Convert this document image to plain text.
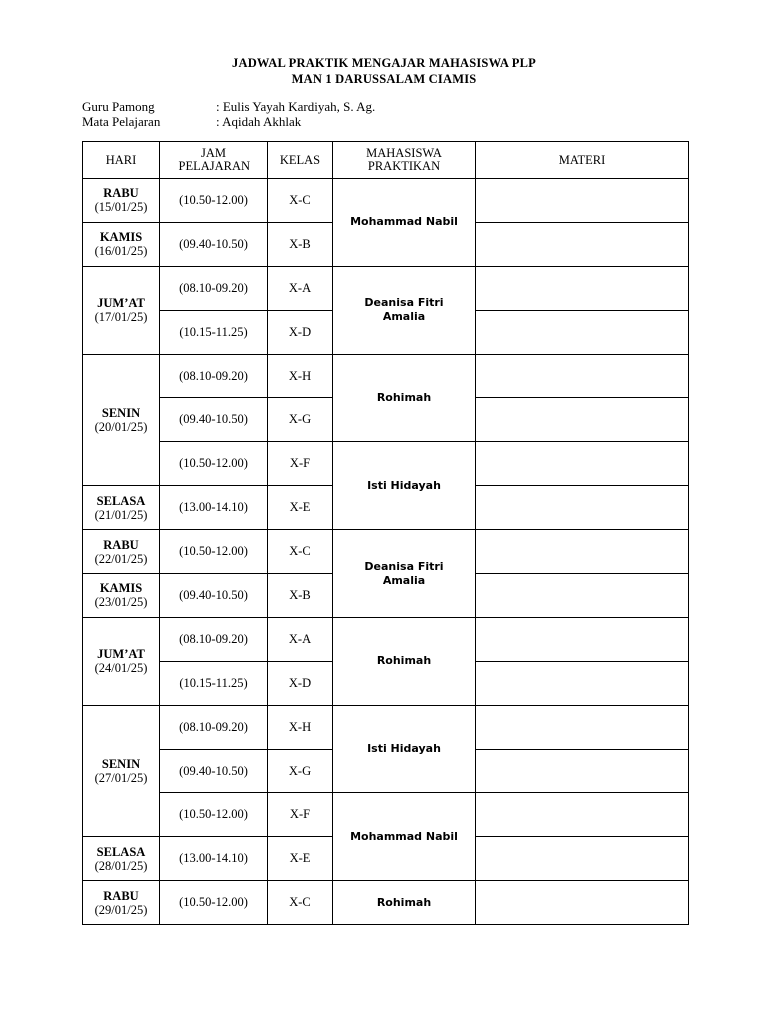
JADWAL PRAKTIK MENGAJAR MAHASISWA PLP
MAN 1 DARUSSALAM CIAMIS
Guru Pamong	: Eulis Yayah Kardiyah, S. Ag.
Mata Pelajaran	: Aqidah Akhlak
HARI	JAM PELAJARAN	KELAS	MAHASISWA PRAKTIKAN	MATERI

RABU
(15/01/25)	(10.50-12.00)	X-C	Mohammad Nabil	

KAMIS
(16/01/25)	(09.40-10.50)	X-B		

JUM’AT
(17/01/25)	(08.10-09.20)	X-A	Deanisa Fitri
Amalia	
	(10.15-11.25)	X-D		

SENIN
(20/01/25)	(08.10-09.20)	X-H	Rohimah	
	(09.40-10.50)	X-G		
	(10.50-12.00)	X-F	Isti Hidayah	

SELASA
(21/01/25)	(13.00-14.10)	X-E		

RABU
(22/01/25)	(10.50-12.00)	X-C	Deanisa Fitri
Amalia	

KAMIS
(23/01/25)	(09.40-10.50)	X-B		

JUM’AT
(24/01/25)	(08.10-09.20)	X-A	Rohimah	
	(10.15-11.25)	X-D		

SENIN
(27/01/25)	(08.10-09.20)	X-H	Isti Hidayah	
	(09.40-10.50)	X-G		
	(10.50-12.00)	X-F	Mohammad Nabil	

SELASA
(28/01/25)	(13.00-14.10)	X-E		

RABU
(29/01/25)	(10.50-12.00)	X-C	Rohimah	
